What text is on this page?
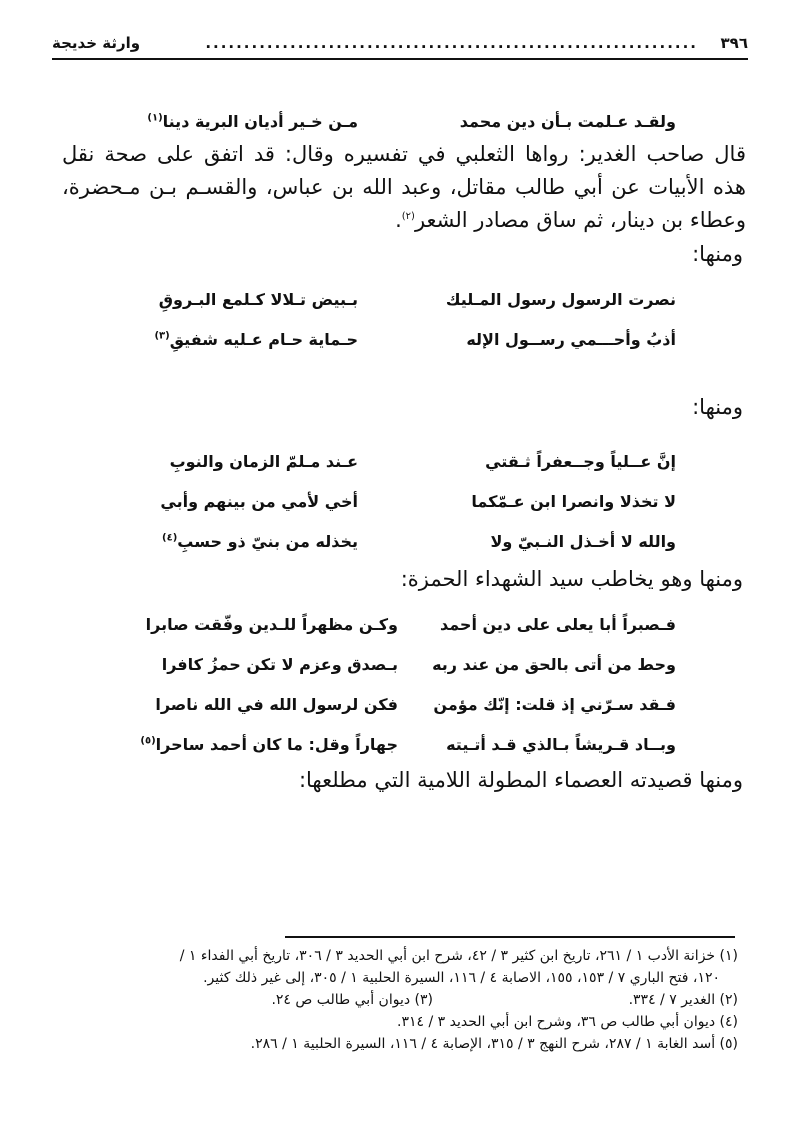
٣٩٦
................................................................
وارثة خديجة
ولقـد عـلمت بـأن دين محمد
مـن خـير أديان البرية دينا$^{(١)}$
قال صاحب الغدير: رواها الثعلبي في تفسيره وقال: قد اتفق على صحة نقل
هذه الأبيات عن أبي طالب مقاتل، وعبد الله بن عباس، والقسـم بـن مـحضرة،
وعطاء بن دينار، ثم ساق مصادر الشعر$^{(٢)}$.
ومنها:
نصرت الرسول رسول المـليك
بـبيض تـلالا كـلمع البـروقِ
أذبُ وأحـــمي رســول الإله
حـماية حـام عـليه شفيقِ$^{(٣)}$
ومنها:
إنَّ عــلياً وجــعفراً ثـقتي
عـند مـلمّ الزمان والنوبِ
لا تخذلا وانصرا ابن عـمّكما
أخي لأمي من بينهم وأبي
والله لا أخـذل النـبيّ ولا
يخذله من بنيّ ذو حسبِ$^{(٤)}$
ومنها وهو يخاطب سيد الشهداء الحمزة:
فـصبراً أبا يعلى على دين أحمد
وكـن مظهراً للـدين وفّقت صابرا
وحط من أتى بالحق من عند ربه
بـصدق وعزم لا تكن حمزُ كافرا
فـقد سـرّني إذ قلت: إنّك مؤمن
فكن لرسول الله في الله ناصرا
وبــاد قـريشاً بـالذي قـد أتـيته
جهاراً وقل: ما كان أحمد ساحرا$^{(٥)}$
ومنها قصيدته العصماء المطولة اللامية التي مطلعها:
(١) خزانة الأدب ١ / ٢٦١، تاريخ ابن كثير ٣ / ٤٢، شرح ابن أبي الحديد ٣ / ٣٠٦، تاريخ أبي الفداء ١ /
١٢٠، فتح الباري ٧ / ١٥٣، ١٥٥، الاصابة ٤ / ١١٦، السيرة الحلبية ١ / ٣٠٥، إلى غير ذلك كثير.
(٢) الغدير ٧ / ٣٣٤.
(٣) ديوان أبي طالب ص ٢٤.
(٤) ديوان أبي طالب ص ٣٦، وشرح ابن أبي الحديد ٣ / ٣١٤.
(٥) أسد الغابة ١ / ٢٨٧، شرح النهج ٣ / ٣١٥، الإصابة ٤ / ١١٦، السيرة الحلبية ١ / ٢٨٦.
